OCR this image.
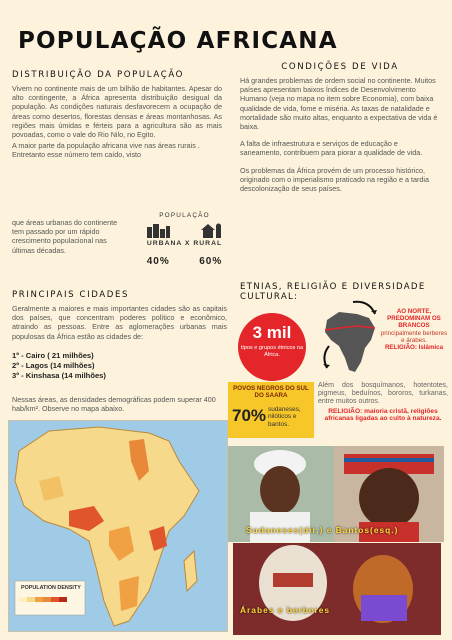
POPULAÇÃO AFRICANA
DISTRIBUIÇÃO DA POPULAÇÃO
Vivem no continente mais de um bilhão de habitantes. Apesar do alto contingente, a África apresenta distribuição desigual da população. As condições naturais desfavorecem a ocupação de áreas como desertos, florestas densas e áreas montanhosas. As regiões mais úmidas e férteis para a agricultura são as mais povoadas, como o vale do Rio Nilo, no Egito.
A maior parte da população africana vive nas áreas rurais . Entretanto esse número tem caído, visto
que áreas urbanas do continente tem passado por um rápido crescimento populacional nas últimas décadas.
POPULAÇÃO
URBANA X RURAL
40%	60%
PRINCIPAIS CIDADES
Geralmente a maiores e mais importantes cidades são as capitais dos países, que concentram poderes político e econômico, atraindo as pessoas. Entre as aglomerações urbanas mais populosas da África estão as cidades de:
1º - Cairo ( 21 milhões)
2º - Lagos (14 milhões)
3º - Kinshasa (14 milhões)
Nessas áreas, as densidades demográficas podem superar 400 hab/km². Observe no mapa abaixo.
CONDIÇÕES DE VIDA
Há grandes problemas de ordem social no continente. Muitos países apresentam baixos Índices de Desenvolvimento Humano (veja no mapa no item sobre Economia), com baixa qualidade de vida, fome e miséria. As taxas de natalidade e mortalidade são muito altas, enquanto a expectativa de vida é baixa.
A falta de infraestrutura e serviços de educação e saneamento, contribuem para piorar a qualidade de vida.
Os problemas da África provém de um processo histórico, originado com o imperialismo praticado na região e a tardia descolonização de seus países.
ETNIAS, RELIGIÃO E DIVERSIDADE CULTURAL:
3 mil
tipos e grupos étnicos na África.
AO NORTE, PREDOMINAM OS BRANCOS
principalmente berberes e árabes.
RELIGIÃO: Islâmica
POVOS NEGROS DO SUL DO SAARA
70% sudaneses, nilóticos e bantos.
Além dos bosquímanos, hotentotes, pigmeus, beduínos, bororos, turkanas, entre muitos outros.
RELIGIÃO: maioria cristã, religiões africanas ligadas ao culto à natureza.
POPULATION DENSITY
Sudaneses(dir.) e Bantos(esq.)
Árabes e berberes
